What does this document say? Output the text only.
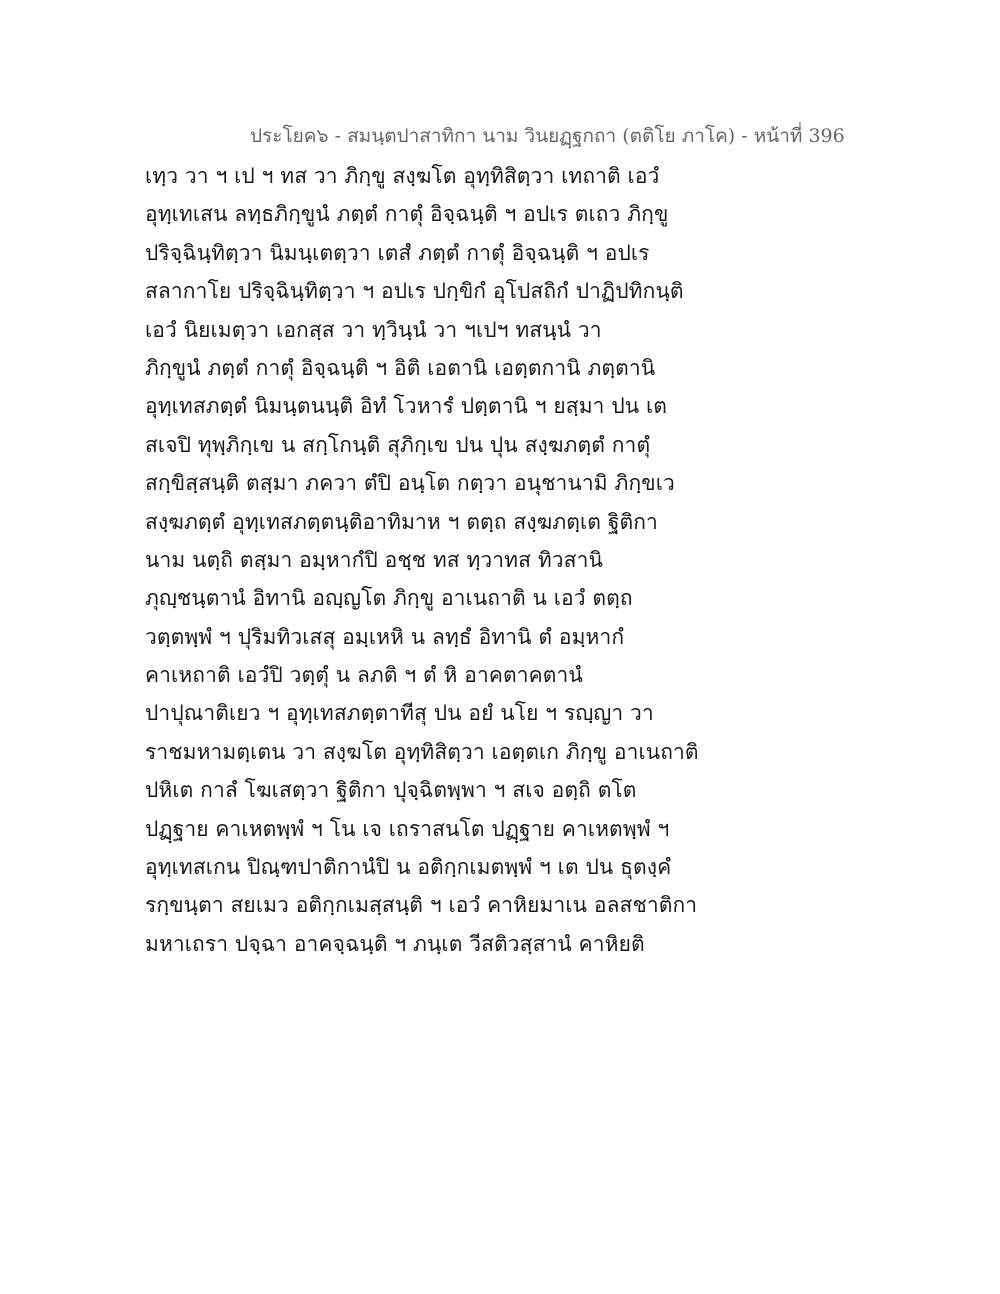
ประโยค๖ - สมนฺตปาสาทิกา นาม วินยฏฺฐกถา (ตติโย ภาโค) - หน้าที่ 396
เทฺว วา ฯ เป ฯ ทส วา ภิกฺขู สงฺฆโต อุทฺทิสิตฺวา เทถาติ เอวํ
อุทฺเทเสน ลทฺธภิกฺขูนํ ภตฺตํ กาตุํ อิจฺฉนฺติ ฯ อปเร ตเถว ภิกฺขู
ปริจฺฉินฺทิตฺวา นิมนฺเตตฺวา เตสํ ภตฺตํ กาตุํ อิจฺฉนฺติ ฯ อปเร
สลากาโย ปริจฺฉินฺทิตฺวา ฯ อปเร ปกฺขิกํ อุโปสถิกํ ปาฏิปทิกนฺติ
เอวํ นิยเมตฺวา เอกสฺส วา ทฺวินฺนํ วา ฯเปฯ ทสนฺนํ วา
ภิกฺขูนํ ภตฺตํ กาตุํ อิจฺฉนฺติ ฯ อิติ เอตานิ เอตฺตกานิ ภตฺตานิ
อุทฺเทสภตฺตํ นิมนฺตนนฺติ อิทํ โวหารํ ปตฺตานิ ฯ ยสฺมา ปน เต
สเจปิ ทุพฺภิกฺเข น สกฺโกนฺติ สุภิกฺเข ปน ปุน สงฺฆภตฺตํ กาตุํ
สกฺขิสฺสนฺติ ตสฺมา ภควา ตํปิ อนฺโต กตฺวา อนุชานามิ ภิกฺขเว
สงฺฆภตฺตํ อุทฺเทสภตฺตนฺติอาทิมาห ฯ ตตฺถ สงฺฆภตฺเต ฐิติกา
นาม นตฺถิ ตสฺมา อมฺหากํปิ อชฺช ทส ทฺวาทส ทิวสานิ
ภุญฺชนฺตานํ อิทานิ อญฺญโต ภิกฺขู อาเนถาติ น เอวํ ตตฺถ
วตฺตพฺพํ ฯ ปุริมทิวเสสุ อมฺเหหิ น ลทฺธํ อิทานิ ตํ อมฺหากํ
คาเหถาติ เอวํปิ วตฺตุํ น ลภติ ฯ ตํ หิ อาคตาคตานํ
ปาปุณาติเยว ฯ อุทฺเทสภตฺตาทีสุ ปน อยํ นโย ฯ รญฺญา วา
ราชมหามตฺเตน วา สงฺฆโต อุทฺทิสิตฺวา เอตฺตเก ภิกฺขู อาเนถาติ
ปหิเต กาลํ โฆเสตฺวา ฐิติกา ปุจฺฉิตพฺพา ฯ สเจ อตฺถิ ตโต
ปฏฺฐาย คาเหตพฺพํ ฯ โน เจ เถราสนโต ปฏฺฐาย คาเหตพฺพํ ฯ
อุทฺเทสเกน ปิณฺฑปาติกานํปิ น อติกฺกเมตพฺพํ ฯ เต ปน ธุตงฺคํ
รกฺขนฺตา สยเมว อติกฺกเมสฺสนฺติ ฯ เอวํ คาหิยมาเน อลสชาติกา
มหาเถรา ปจฺฉา อาคจฺฉนฺติ ฯ ภนฺเต วีสติวสฺสานํ คาหิยติ
